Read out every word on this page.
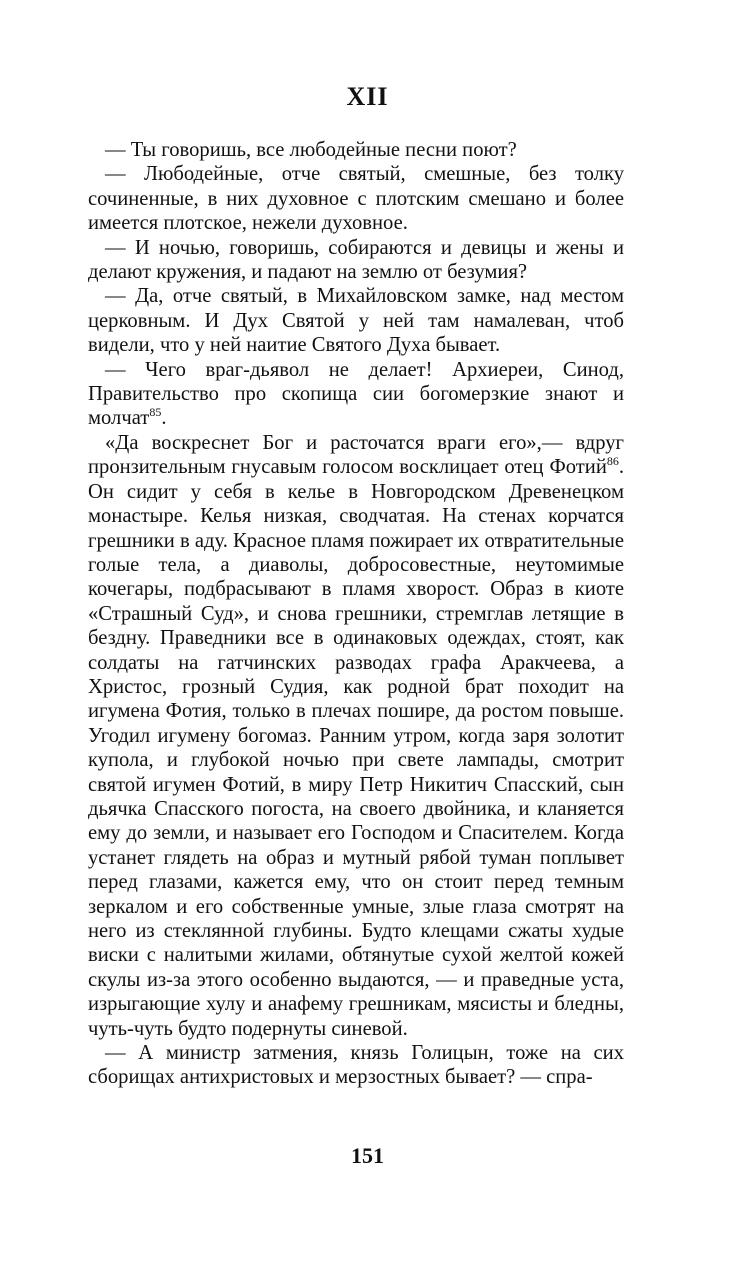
XII

— Ты говоришь, все любодейные песни поют?

— Любодейные, отче святый, смешные, без толку сочиненные, в них духовное с плотским смешано и более имеется плотское, нежели духовное.

— И ночью, говоришь, собираются и девицы и жены и делают кружения, и падают на землю от безумия?

— Да, отче святый, в Михайловском замке, над местом церковным. И Дух Святой у ней там намалеван, чтоб видели, что у ней наитие Святого Духа бывает.

— Чего враг-дьявол не делает! Архиереи, Синод, Правительство про скопища сии богомерзкие знают и молчат$^{85}$.

«Да воскреснет Бог и расточатся враги его»,— вдруг пронзительным гнусавым голосом восклицает отец Фотий$^{86}$. Он сидит у себя в келье в Новгородском Древенецком монастыре. Келья низкая, сводчатая. На стенах корчатся грешники в аду. Красное пламя пожирает их отвратительные голые тела, а диаволы, добросовестные, неутомимые кочегары, подбрасывают в пламя хворост. Образ в киоте «Страшный Суд», и снова грешники, стремглав летящие в бездну. Праведники все в одинаковых одеждах, стоят, как солдаты на гатчинских разводах графа Аракчеева, а Христос, грозный Судия, как родной брат походит на игумена Фотия, только в плечах пошире, да ростом повыше. Угодил игумену богомаз. Ранним утром, когда заря золотит купола, и глубокой ночью при свете лампады, смотрит святой игумен Фотий, в миру Петр Никитич Спасский, сын дьячка Спасского погоста, на своего двойника, и кланяется ему до земли, и называет его Господом и Спасителем. Когда устанет глядеть на образ и мутный рябой туман поплывет перед глазами, кажется ему, что он стоит перед темным зеркалом и его собственные умные, злые глаза смотрят на него из стеклянной глубины. Будто клещами сжаты худые виски с налитыми жилами, обтянутые сухой желтой кожей скулы из-за этого особенно выдаются, — и праведные уста, изрыгающие хулу и анафему грешникам, мясисты и бледны, чуть-чуть будто подернуты синевой.

— А министр затмения, князь Голицын, тоже на сих сборищах антихристовых и мерзостных бывает? — спра-

151
